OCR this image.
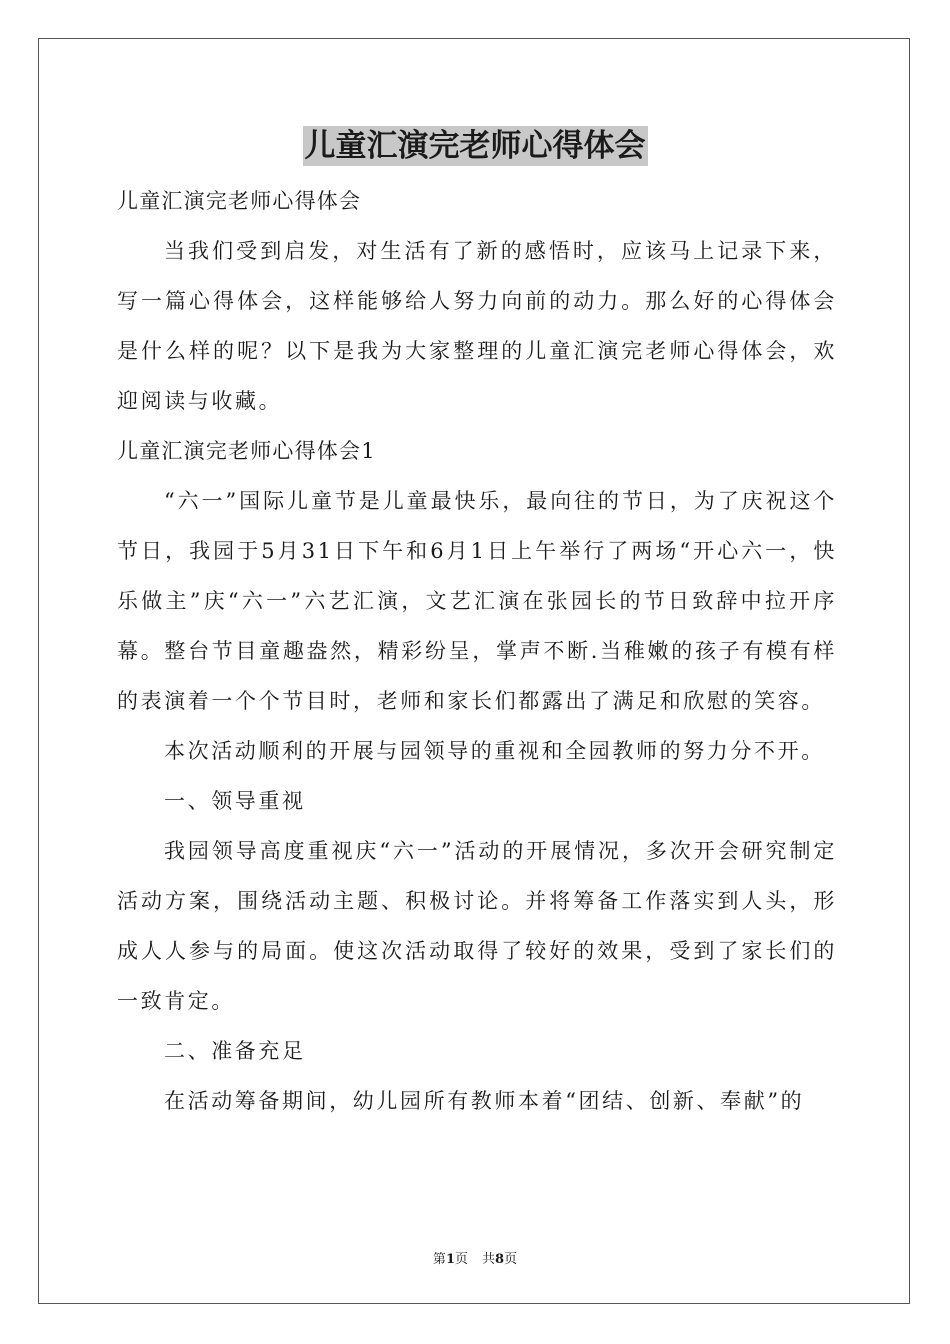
儿童汇演完老师心得体会

儿童汇演完老师心得体会

当我们受到启发，对生活有了新的感悟时，应该马上记录下来，写一篇心得体会，这样能够给人努力向前的动力。那么好的心得体会是什么样的呢？以下是我为大家整理的儿童汇演完老师心得体会，欢迎阅读与收藏。

儿童汇演完老师心得体会1

“六一”国际儿童节是儿童最快乐，最向往的节日，为了庆祝这个节日，我园于5月31日下午和6月1日上午举行了两场“开心六一，快乐做主”庆“六一”六艺汇演，文艺汇演在张园长的节日致辞中拉开序幕。整台节目童趣盎然，精彩纷呈，掌声不断.当稚嫩的孩子有模有样的表演着一个个节目时，老师和家长们都露出了满足和欣慰的笑容。

本次活动顺利的开展与园领导的重视和全园教师的努力分不开。

一、领导重视

我园领导高度重视庆“六一”活动的开展情况，多次开会研究制定活动方案，围绕活动主题、积极讨论。并将筹备工作落实到人头，形成人人参与的局面。使这次活动取得了较好的效果，受到了家长们的一致肯定。

二、准备充足

在活动筹备期间，幼儿园所有教师本着“团结、创新、奉献”的

第1页 共8页
